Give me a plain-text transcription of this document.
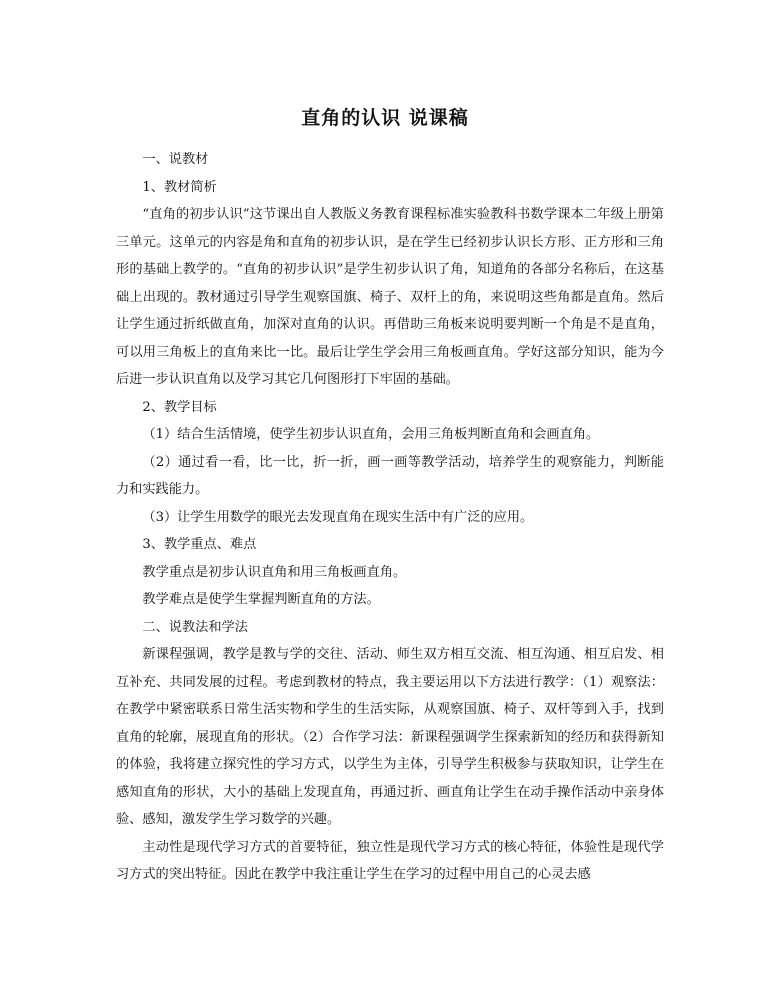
直角的认识 说课稿

一、说教材

1、教材简析

“直角的初步认识”这节课出自人教版义务教育课程标准实验教科书数学课本二年级上册第三单元。这单元的内容是角和直角的初步认识，是在学生已经初步认识长方形、正方形和三角形的基础上教学的。“直角的初步认识”是学生初步认识了角，知道角的各部分名称后，在这基础上出现的。教材通过引导学生观察国旗、椅子、双杆上的角，来说明这些角都是直角。然后让学生通过折纸做直角，加深对直角的认识。再借助三角板来说明要判断一个角是不是直角，可以用三角板上的直角来比一比。最后让学生学会用三角板画直角。学好这部分知识，能为今后进一步认识直角以及学习其它几何图形打下牢固的基础。

2、教学目标

（1）结合生活情境，使学生初步认识直角，会用三角板判断直角和会画直角。

（2）通过看一看，比一比，折一折，画一画等教学活动，培养学生的观察能力，判断能力和实践能力。

（3）让学生用数学的眼光去发现直角在现实生活中有广泛的应用。

3、教学重点、难点

教学重点是初步认识直角和用三角板画直角。

教学难点是使学生掌握判断直角的方法。

二、说教法和学法

新课程强调，教学是教与学的交往、活动、师生双方相互交流、相互沟通、相互启发、相互补充、共同发展的过程。考虑到教材的特点，我主要运用以下方法进行教学：（1）观察法：在教学中紧密联系日常生活实物和学生的生活实际，从观察国旗、椅子、双杆等到入手，找到直角的轮廓，展现直角的形状。（2）合作学习法：新课程强调学生探索新知的经历和获得新知的体验，我将建立探究性的学习方式，以学生为主体，引导学生积极参与获取知识，让学生在感知直角的形状，大小的基础上发现直角，再通过折、画直角让学生在动手操作活动中亲身体验、感知，激发学生学习数学的兴趣。

主动性是现代学习方式的首要特征，独立性是现代学习方式的核心特征，体验性是现代学习方式的突出特征。因此在教学中我注重让学生在学习的过程中用自己的心灵去感
